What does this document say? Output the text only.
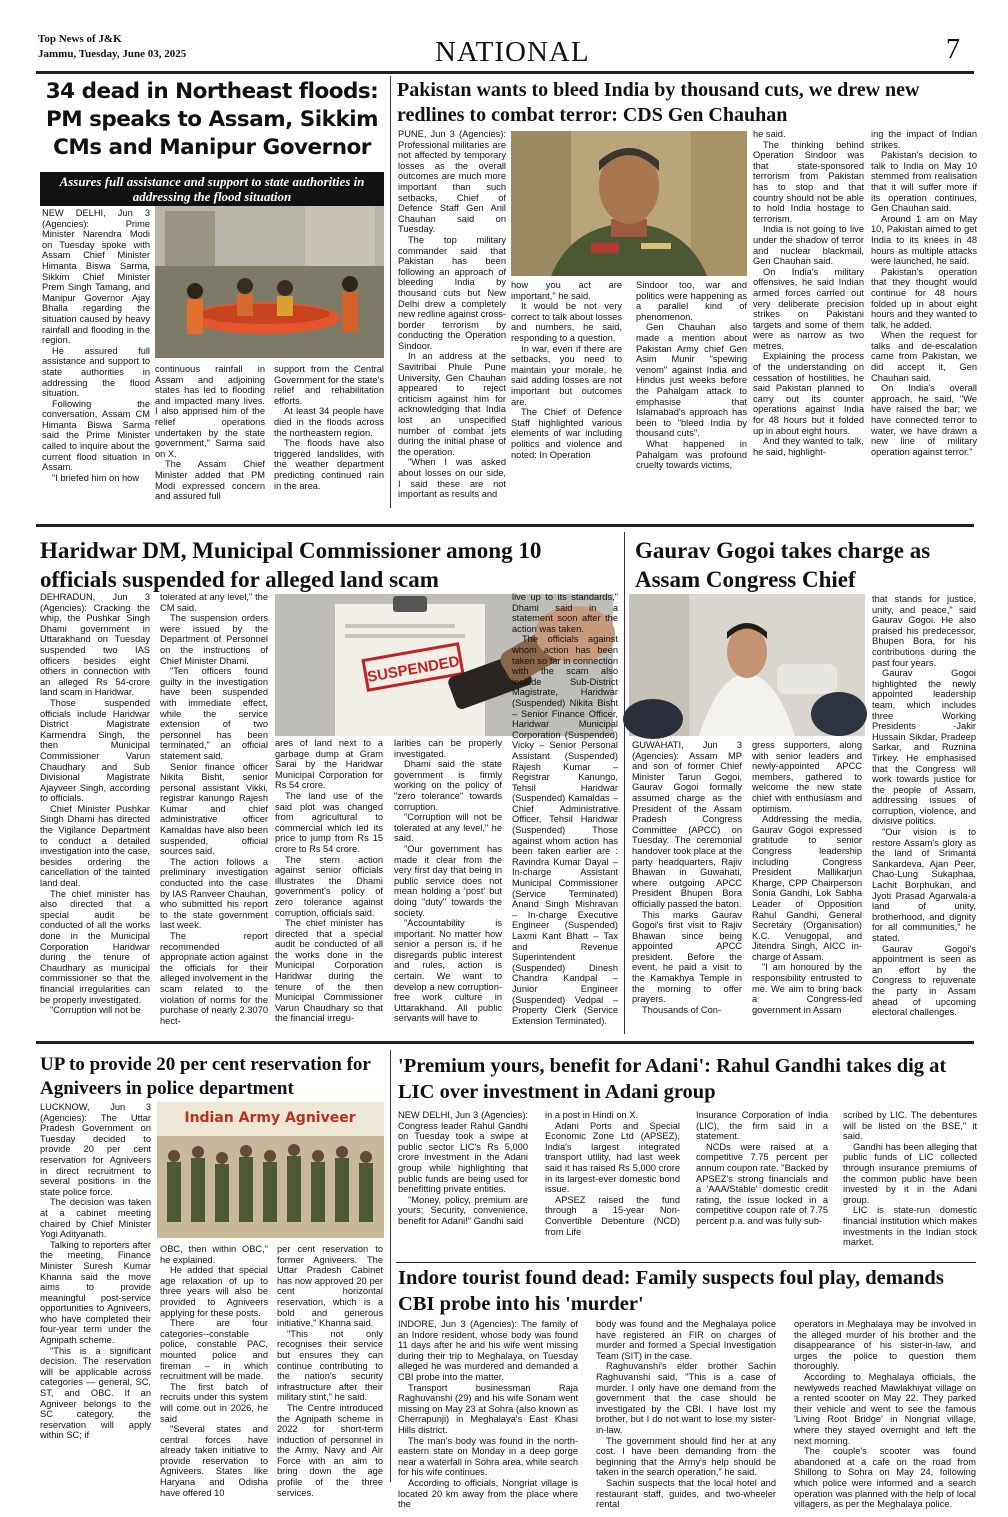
Top News of J&K
Jammu, Tuesday, June 03, 2025	NATIONAL	7
34 dead in Northeast floods: PM speaks to Assam, Sikkim CMs and Manipur Governor
Assures full assistance and support to state authorities in addressing the flood situation
NEW DELHI, Jun 3 (Agencies): Prime Minister Narendra Modi on Tuesday spoke with Assam Chief Minister Himanta Biswa Sarma, Sikkim Chief Minister Prem Singh Tamang, and Manipur Governor Ajay Bhalla regarding the situation caused by heavy rainfall and flooding in the region.
He assured full assistance and support to state authorities in addressing the flood situation.
Following the conversation, Assam CM Himanta Biswa Sarma said the Prime Minister called to inquire about the current flood situation in Assam.
"I briefed him on how
continuous rainfall in Assam and adjoining states has led to flooding and impacted many lives. I also apprised him of the relief operations undertaken by the state government," Sarma said on X.
The Assam Chief Minister added that PM Modi expressed concern and assured full
support from the Central Government for the state's relief and rehabilitation efforts.
At least 34 people have died in the floods across the northeastern region.
The floods have also triggered landslides, with the weather department predicting continued rain in the area.
Pakistan wants to bleed India by thousand cuts, we drew new redlines to combat terror: CDS Gen Chauhan
PUNE, Jun 3 (Agencies): Professional militaries are not affected by temporary losses as the overall outcomes are much more important than such setbacks, Chief of Defence Staff Gen Anil Chauhan said on Tuesday.
The top military commander said that Pakistan has been following an approach of bleeding India by thousand cuts but New Delhi drew a completely new redline against cross-border terrorism by conducting the Operation Sindoor.
In an address at the Savitribai Phule Pune University, Gen Chauhan appeared to reject criticism against him for acknowledging that India lost an unspecified number of combat jets during the initial phase of the operation.
"When I was asked about losses on our side, I said these are not important as results and
how you act are important," he said.
It would be not very correct to talk about losses and numbers, he said, responding to a question.
In war, even if there are setbacks, you need to maintain your morale, he said adding losses are not important but outcomes are.
The Chief of Defence Staff highlighted various elements of war including politics and violence and noted: In Operation
Sindoor too, war and politics were happening as a parallel kind of phenomenon.
Gen Chauhan also made a mention about Pakistan Army chief Gen Asim Munir "spewing venom" against India and Hindus just weeks before the Pahalgam attack to emphasise that Islamabad's approach has been to "bleed India by thousand cuts".
What happened in Pahalgam was profound cruelty towards victims,
he said.
The thinking behind Operation Sindoor was that state-sponsored terrorism from Pakistan has to stop and that country should not be able to hold India hostage to terrorism.
India is not going to live under the shadow of terror and nuclear blackmail, Gen Chauhan said.
On India's military offensives, he said Indian armed forces carried out very deliberate precision strikes on Pakistani targets and some of them were as narrow as two metres.
Explaining the process of the understanding on cessation of hostilities, he said Pakistan planned to carry out its counter operations against India for 48 hours but it folded up in about eight hours.
And they wanted to talk, he said, highlight-
ing the impact of Indian strikes.
Pakistan's decision to talk to India on May 10 stemmed from realisation that it will suffer more if its operation continues, Gen Chauhan said.
Around 1 am on May 10, Pakistan aimed to get India to its knees in 48 hours as multiple attacks were launched, he said.
Pakistan's operation that they thought would continue for 48 hours folded up in about eight hours and they wanted to talk, he added.
When the request for talks and de-escalation came from Pakistan, we did accept it, Gen Chauhan said.
On India's overall approach, he said, "We have raised the bar; we have connected terror to water, we have drawn a new line of military operation against terror."
Haridwar DM, Municipal Commissioner among 10 officials suspended for alleged land scam
DEHRADUN, Jun 3 (Agencies): Cracking the whip, the Pushkar Singh Dhami government in Uttarakhand on Tuesday suspended two IAS officers besides eight others in connection with an alleged Rs 54-crore land scam in Haridwar.
Those suspended officials include Haridwar District Magistrate Karmendra Singh, the then Municipal Commissioner Varun Chaudhary and Sub Divisional Magistrate Ajayveer Singh, according to officials.
Chief Minister Pushkar Singh Dhami has directed the Vigilance Department to conduct a detailed investigation into the case, besides ordering the cancellation of the tainted land deal.
The chief minister has also directed that a special audit be conducted of all the works done in the Municipal Corporation Haridwar during the tenure of Chaudhary as municipal commissioner so that the financial irregularities can be properly investigated.
"Corruption will not be
tolerated at any level," the CM said.
The suspension orders were issued by the Department of Personnel on the instructions of Chief Minister Dhami.
"Ten officers found guilty in the investigation have been suspended with immediate effect, while the service extension of two personnel has been terminated," an official statement said.
Senior finance officer Nikita Bisht, senior personal assistant Vikki, registrar kanungo Rajesh Kumar and chief administrative officer Kamaldas have also been suspended, official sources said.
The action follows a preliminary investigation conducted into the case by IAS Ranveer Chauhan, who submitted his report to the state government last week.
The report recommended appropriate action against the officials for their alleged involvement in the scam related to the violation of norms for the purchase of nearly 2.3070 hect-
SUSPENDED
ares of land next to a garbage dump at Gram Sarai by the Haridwar Municipal Corporation for Rs 54 crore.
The land use of the said plot was changed from agricultural to commercial which led its price to jump from Rs 15 crore to Rs 54 crore.
The stern action against senior officials illustrates the Dhami government's policy of zero tolerance against corruption, officials said.
The chief minister has directed that a special audit be conducted of all the works done in the Municipal Corporation Haridwar during the tenure of the then Municipal Commissioner Varun Chaudhary so that the financial irregu-
larities can be properly investigated.
Dhami said the state government is firmly working on the policy of "zero tolerance" towards corruption.
"Corruption will not be tolerated at any level," he said.
"Our government has made it clear from the very first day that being in public service does not mean holding a 'post' but doing "duty" towards the society.
"Accountability is important. No matter how senior a person is, if he disregards public interest and rules, action is certain. We want to develop a new corruption-free work culture in Uttarakhand. All public servants will have to
live up to its standards," Dhami said in a statement soon after the action was taken.
The officials against whom action has been taken so far in connection with the scam also include Sub-District Magistrate, Haridwar (Suspended) Nikita Bisht – Senior Finance Officer, Haridwar Municipal Corporation (Suspended) Vicky – Senior Personal Assistant (Suspended) Rajesh Kumar – Registrar Kanungo, Tehsil Haridwar (Suspended) Kamaldas – Chief Administrative Officer, Tehsil Haridwar (Suspended) Those against whom action has been taken earlier are : Ravindra Kumar Dayal – In-charge Assistant Municipal Commissioner (Service Terminated) Anand Singh Mishravan – In-charge Executive Engineer (Suspended) Laxmi Kant Bhatt – Tax and Revenue Superintendent (Suspended) Dinesh Chandra Kandpal – Junior Engineer (Suspended) Vedpal – Property Clerk (Service Extension Terminated).
Gaurav Gogoi takes charge as Assam Congress Chief
GUWAHATI, Jun 3 (Agencies): Assam MP and son of former Chief Minister Tarun Gogoi, Gaurav Gogoi formally assumed charge as the President of the Assam Pradesh Congress Committee (APCC) on Tuesday. The ceremonial handover took place at the party headquarters, Rajiv Bhawan in Guwahati, where outgoing APCC President Bhupen Bora officially passed the baton.
This marks Gaurav Gogoi's first visit to Rajiv Bhawan since being appointed APCC president. Before the event, he paid a visit to the Kamakhya Temple in the morning to offer prayers.
Thousands of Con-
gress supporters, along with senior leaders and newly-appointed APCC members, gathered to welcome the new state chief with enthusiasm and optimism.
Addressing the media, Gaurav Gogoi expressed gratitude to senior Congress leadership including Congress President Mallikarjun Kharge, CPP Chairperson Sonia Gandhi, Lok Sabha Leader of Opposition Rahul Gandhi, General Secretary (Organisation) K.C. Venugopal, and Jitendra Singh, AICC in-charge of Assam.
"I am honoured by the responsibility entrusted to me. We aim to bring back a Congress-led government in Assam
that stands for justice, unity, and peace," said Gaurav Gogoi. He also praised his predecessor, Bhupen Bora, for his contributions during the past four years.
Gaurav Gogoi highlighted the newly appointed leadership team, which includes three Working Presidents -Jakir Hussain Sikdar, Pradeep Sarkar, and Ruznina Tirkey. He emphasised that the Congress will work towards justice for the people of Assam, addressing issues of corruption, violence, and divisive politics.
"Our vision is to restore Assam's glory as the land of Srimanta Sankardeva, Ajan Peer, Chao-Lung Sukaphaa, Lachit Borphukan, and Jyoti Prasad Agarwala-a land of unity, brotherhood, and dignity for all communities," he stated.
Gaurav Gogoi's appointment is seen as an effort by the Congress to rejuvenate the party in Assam ahead of upcoming electoral challenges.
UP to provide 20 per cent reservation for Agniveers in police department
LUCKNOW, Jun 3 (Agencies): The Uttar Pradesh Government on Tuesday decided to provide 20 per cent reservation for Agniveers in direct recruitment to several positions in the state police force.
The decision was taken at a cabinet meeting chaired by Chief Minister Yogi Adityanath.
Talking to reporters after the meeting, Finance Minister Suresh Kumar Khanna said the move aims to provide meaningful post-service opportunities to Agniveers, who have completed their four-year term under the Agnipath scheme.
"This is a significant decision. The reservation will be applicable across categories — general, SC, ST, and OBC. If an Agniveer belongs to the SC category, the reservation will apply within SC; if
Indian Army Agniveer
OBC, then within OBC," he explained.
He added that special age relaxation of up to three years will also be provided to Agniveers applying for these posts.
There are four categories--constable police, constable PAC, mounted police and fireman – in which recruitment will be made.
The first batch of recruits under this system will come out in 2026, he said
"Several states and central forces have already taken initiative to provide reservation to Agniveers. States like Haryana and Odisha have offered 10
per cent reservation to former Agniveers. The Uttar Pradesh Cabinet has now approved 20 per cent horizontal reservation, which is a bold and generous initiative," Khanna said.
"This not only recognises their service but ensures they can continue contributing to the nation's security infrastructure after their military stint," he said.
The Centre introduced the Agnipath scheme in 2022 for short-term induction of personnel in the Army, Navy and Air Force with an aim to bring down the age profile of the three services.
'Premium yours, benefit for Adani': Rahul Gandhi takes dig at LIC over investment in Adani group
NEW DELHI, Jun 3 (Agencies): Congress leader Rahul Gandhi on Tuesday took a swipe at public sector LIC's Rs 5,000 crore investment in the Adani group while highlighting that public funds are being used for benefitting private entities.
"Money, policy, premium are yours; Security, convenience, benefit for Adani!" Gandhi said
in a post in Hindi on X.
Adani Ports and Special Economic Zone Ltd (APSEZ), India's largest integrated transport utility, had last week said it has raised Rs 5,000 crore in its largest-ever domestic bond issue.
APSEZ raised the fund through a 15-year Non-Convertible Debenture (NCD) from Life
Insurance Corporation of India (LIC), the firm said in a statement.
NCDs were raised at a competitive 7.75 percent per annum coupon rate. "Backed by APSEZ's strong financials and a 'AAA/Stable' domestic credit rating, the issue locked in a competitive coupon rate of 7.75 percent p.a. and was fully sub-
scribed by LIC. The debentures will be listed on the BSE," it said.
Gandhi has been alleging that public funds of LIC collected through insurance premiums of the common public have been invested by it in the Adani group.
LIC is state-run domestic financial institution which makes investments in the Indian stock market.
Indore tourist found dead: Family suspects foul play, demands CBI probe into his 'murder'
INDORE, Jun 3 (Agencies): The family of an Indore resident, whose body was found 11 days after he and his wife went missing during their trip to Meghalaya, on Tuesday alleged he was murdered and demanded a CBI probe into the matter.
Transport businessman Raja Raghuvanshi (29) and his wife Sonam went missing on May 23 at Sohra (also known as Cherrapunji) in Meghalaya's East Khasi Hills district.
The man's body was found in the north-eastern state on Monday in a deep gorge near a waterfall in Sohra area, while search for his wife continues.
According to officials, Nongriat village is located 20 km away from the place where the
body was found and the Meghalaya police have registered an FIR on charges of murder and formed a Special Investigation Team (SIT) in the case.
Raghuvanshi's elder brother Sachin Raghuvanshi said, "This is a case of murder. I only have one demand from the government that the case should be investigated by the CBI. I have lost my brother, but I do not want to lose my sister-in-law.
The government should find her at any cost. I have been demanding from the beginning that the Army's help should be taken in the search operation," he said.
Sachin suspects that the local hotel and restaurant staff, guides, and two-wheeler rental
operators in Meghalaya may be involved in the alleged murder of his brother and the disappearance of his sister-in-law, and urges the police to question them thoroughly.
According to Meghalaya officials, the newlyweds reached Mawlakhiyat village on a rented scooter on May 22. They parked their vehicle and went to see the famous 'Living Root Bridge' in Nongriat village, where they stayed overnight and left the next morning.
The couple's scooter was found abandoned at a cafe on the road from Shillong to Sohra on May 24, following which police were informed and a search operation was planned with the help of local villagers, as per the Meghalaya police.
